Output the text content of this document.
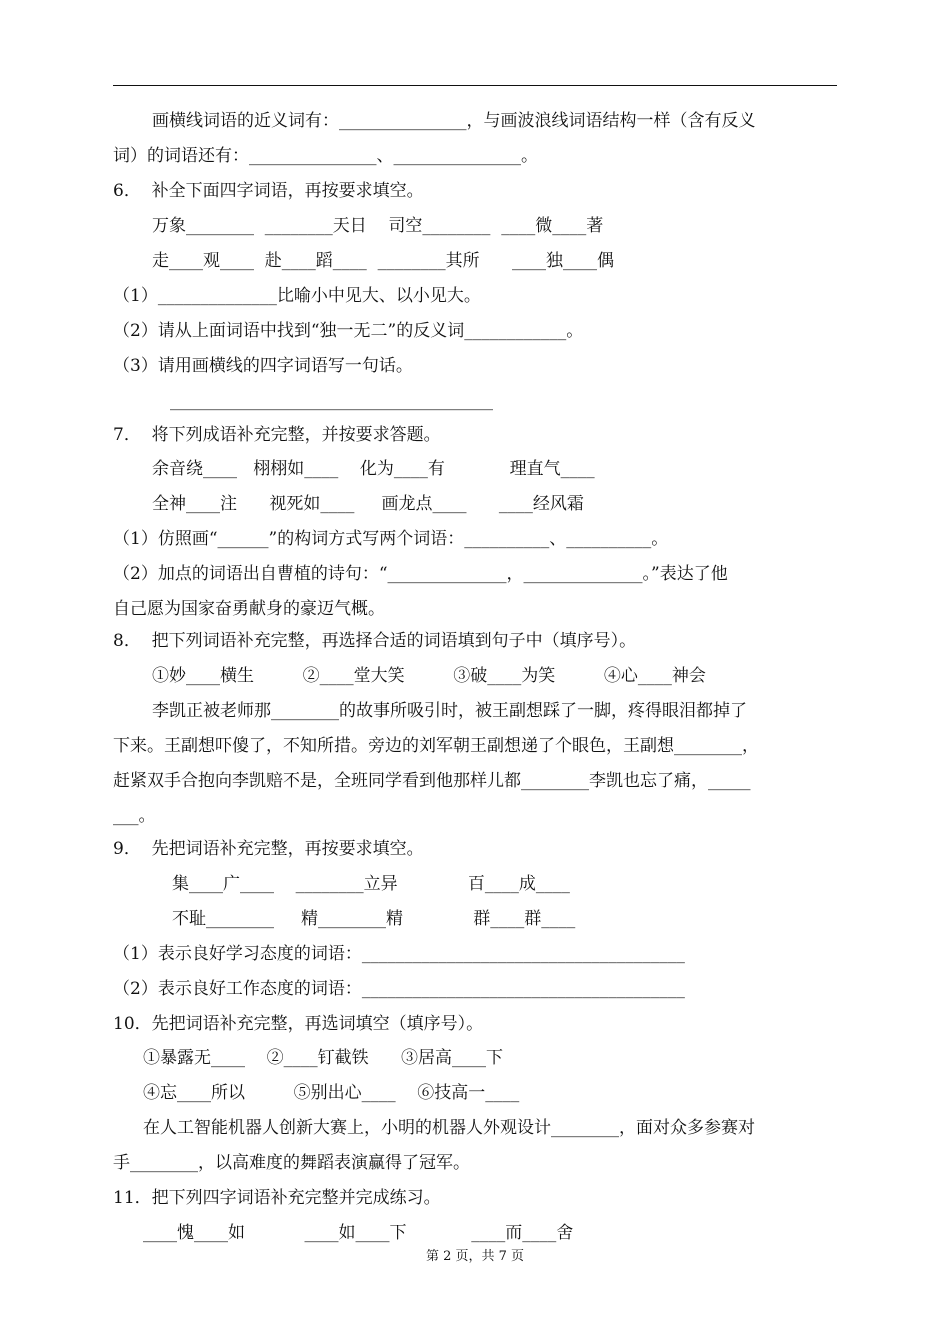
画横线词语的近义词有：_______________，与画波浪线词语结构一样（含有反义
词）的词语还有：_______________、_______________。
6．  补全下面四字词语，再按要求填空。
万象________  ________天日    司空________  ____微____著
走____观____  赴____蹈____  ________其所      ____独____偶
（1）______________比喻小中见大、以小见大。
（2）请从上面词语中找到“独一无二”的反义词____________。
（3）请用画横线的四字词语写一句话。
______________________________________
7．  将下列成语补充完整，并按要求答题。
余音绕____   栩栩如____    化为____有            理直气____
全神____注      视死如____     画龙点____      ____经风霜
（1）仿照画“______”的构词方式写两个词语：__________、__________。
（2）加点的词语出自曹植的诗句：“______________，______________。”表达了他
自己愿为国家奋勇献身的豪迈气概。
8．  把下列词语补充完整，再选择合适的词语填到句子中（填序号）。
①妙____横生         ②____堂大笑         ③破____为笑         ④心____神会
李凯正被老师那________的故事所吸引时，被王副想踩了一脚，疼得眼泪都掉了
下来。王副想吓傻了，不知所措。旁边的刘军朝王副想递了个眼色，王副想________，
赶紧双手合抱向李凯赔不是，全班同学看到他那样儿都________李凯也忘了痛，_____
___。
9．  先把词语补充完整，再按要求填空。
集____广____    ________立异             百____成____
不耻________     精________精             群____群____
（1）表示良好学习态度的词语：______________________________________
（2）表示良好工作态度的词语：______________________________________
10．先把词语补充完整，再选词填空（填序号）。
①暴露无____    ②____钉截铁      ③居高____下
④忘____所以         ⑤别出心____    ⑥技高一____
在人工智能机器人创新大赛上，小明的机器人外观设计________，面对众多参赛对
手________，以高难度的舞蹈表演赢得了冠军。
11．把下列四字词语补充完整并完成练习。
____愧____如           ____如____下            ____而____舍
第 2 页，共 7 页
